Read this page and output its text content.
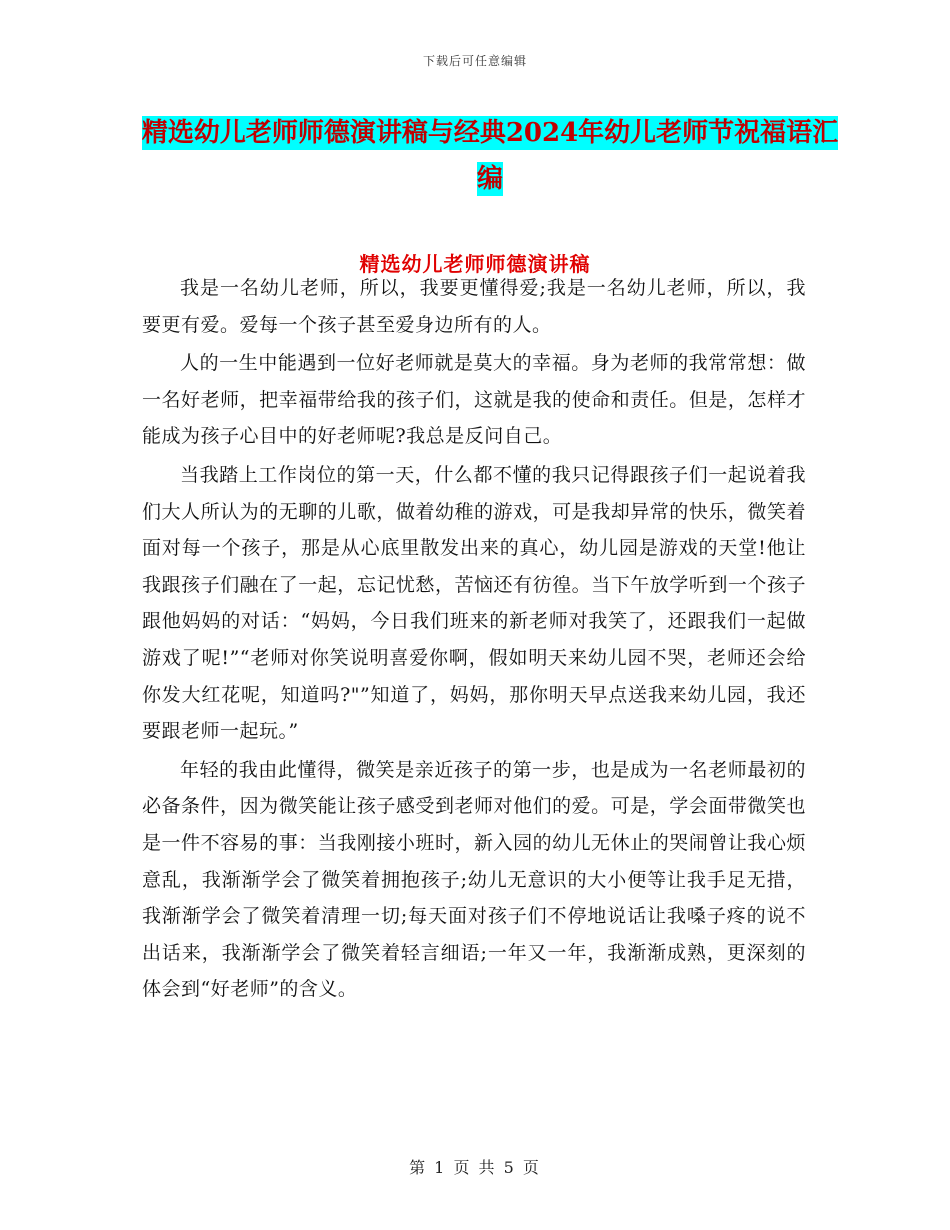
下载后可任意编辑
精选幼儿老师师德演讲稿与经典2024年幼儿老师节祝福语汇编
精选幼儿老师师德演讲稿

我是一名幼儿老师，所以，我要更懂得爱;我是一名幼儿老师，所以，我要更有爱。爱每一个孩子甚至爱身边所有的人。

人的一生中能遇到一位好老师就是莫大的幸福。身为老师的我常常想：做一名好老师，把幸福带给我的孩子们，这就是我的使命和责任。但是，怎样才能成为孩子心目中的好老师呢?我总是反问自己。

当我踏上工作岗位的第一天，什么都不懂的我只记得跟孩子们一起说着我们大人所认为的无聊的儿歌，做着幼稚的游戏，可是我却异常的快乐，微笑着面对每一个孩子，那是从心底里散发出来的真心，幼儿园是游戏的天堂!他让我跟孩子们融在了一起，忘记忧愁，苦恼还有彷徨。当下午放学听到一个孩子跟他妈妈的对话：“妈妈，今日我们班来的新老师对我笑了，还跟我们一起做游戏了呢!”“老师对你笑说明喜爱你啊，假如明天来幼儿园不哭，老师还会给你发大红花呢，知道吗?"”知道了，妈妈，那你明天早点送我来幼儿园，我还要跟老师一起玩。”

年轻的我由此懂得，微笑是亲近孩子的第一步，也是成为一名老师最初的必备条件，因为微笑能让孩子感受到老师对他们的爱。可是，学会面带微笑也是一件不容易的事：当我刚接小班时，新入园的幼儿无休止的哭闹曾让我心烦意乱，我渐渐学会了微笑着拥抱孩子;幼儿无意识的大小便等让我手足无措，我渐渐学会了微笑着清理一切;每天面对孩子们不停地说话让我嗓子疼的说不出话来，我渐渐学会了微笑着轻言细语;一年又一年，我渐渐成熟，更深刻的体会到“好老师”的含义。

第 1 页 共 5 页
